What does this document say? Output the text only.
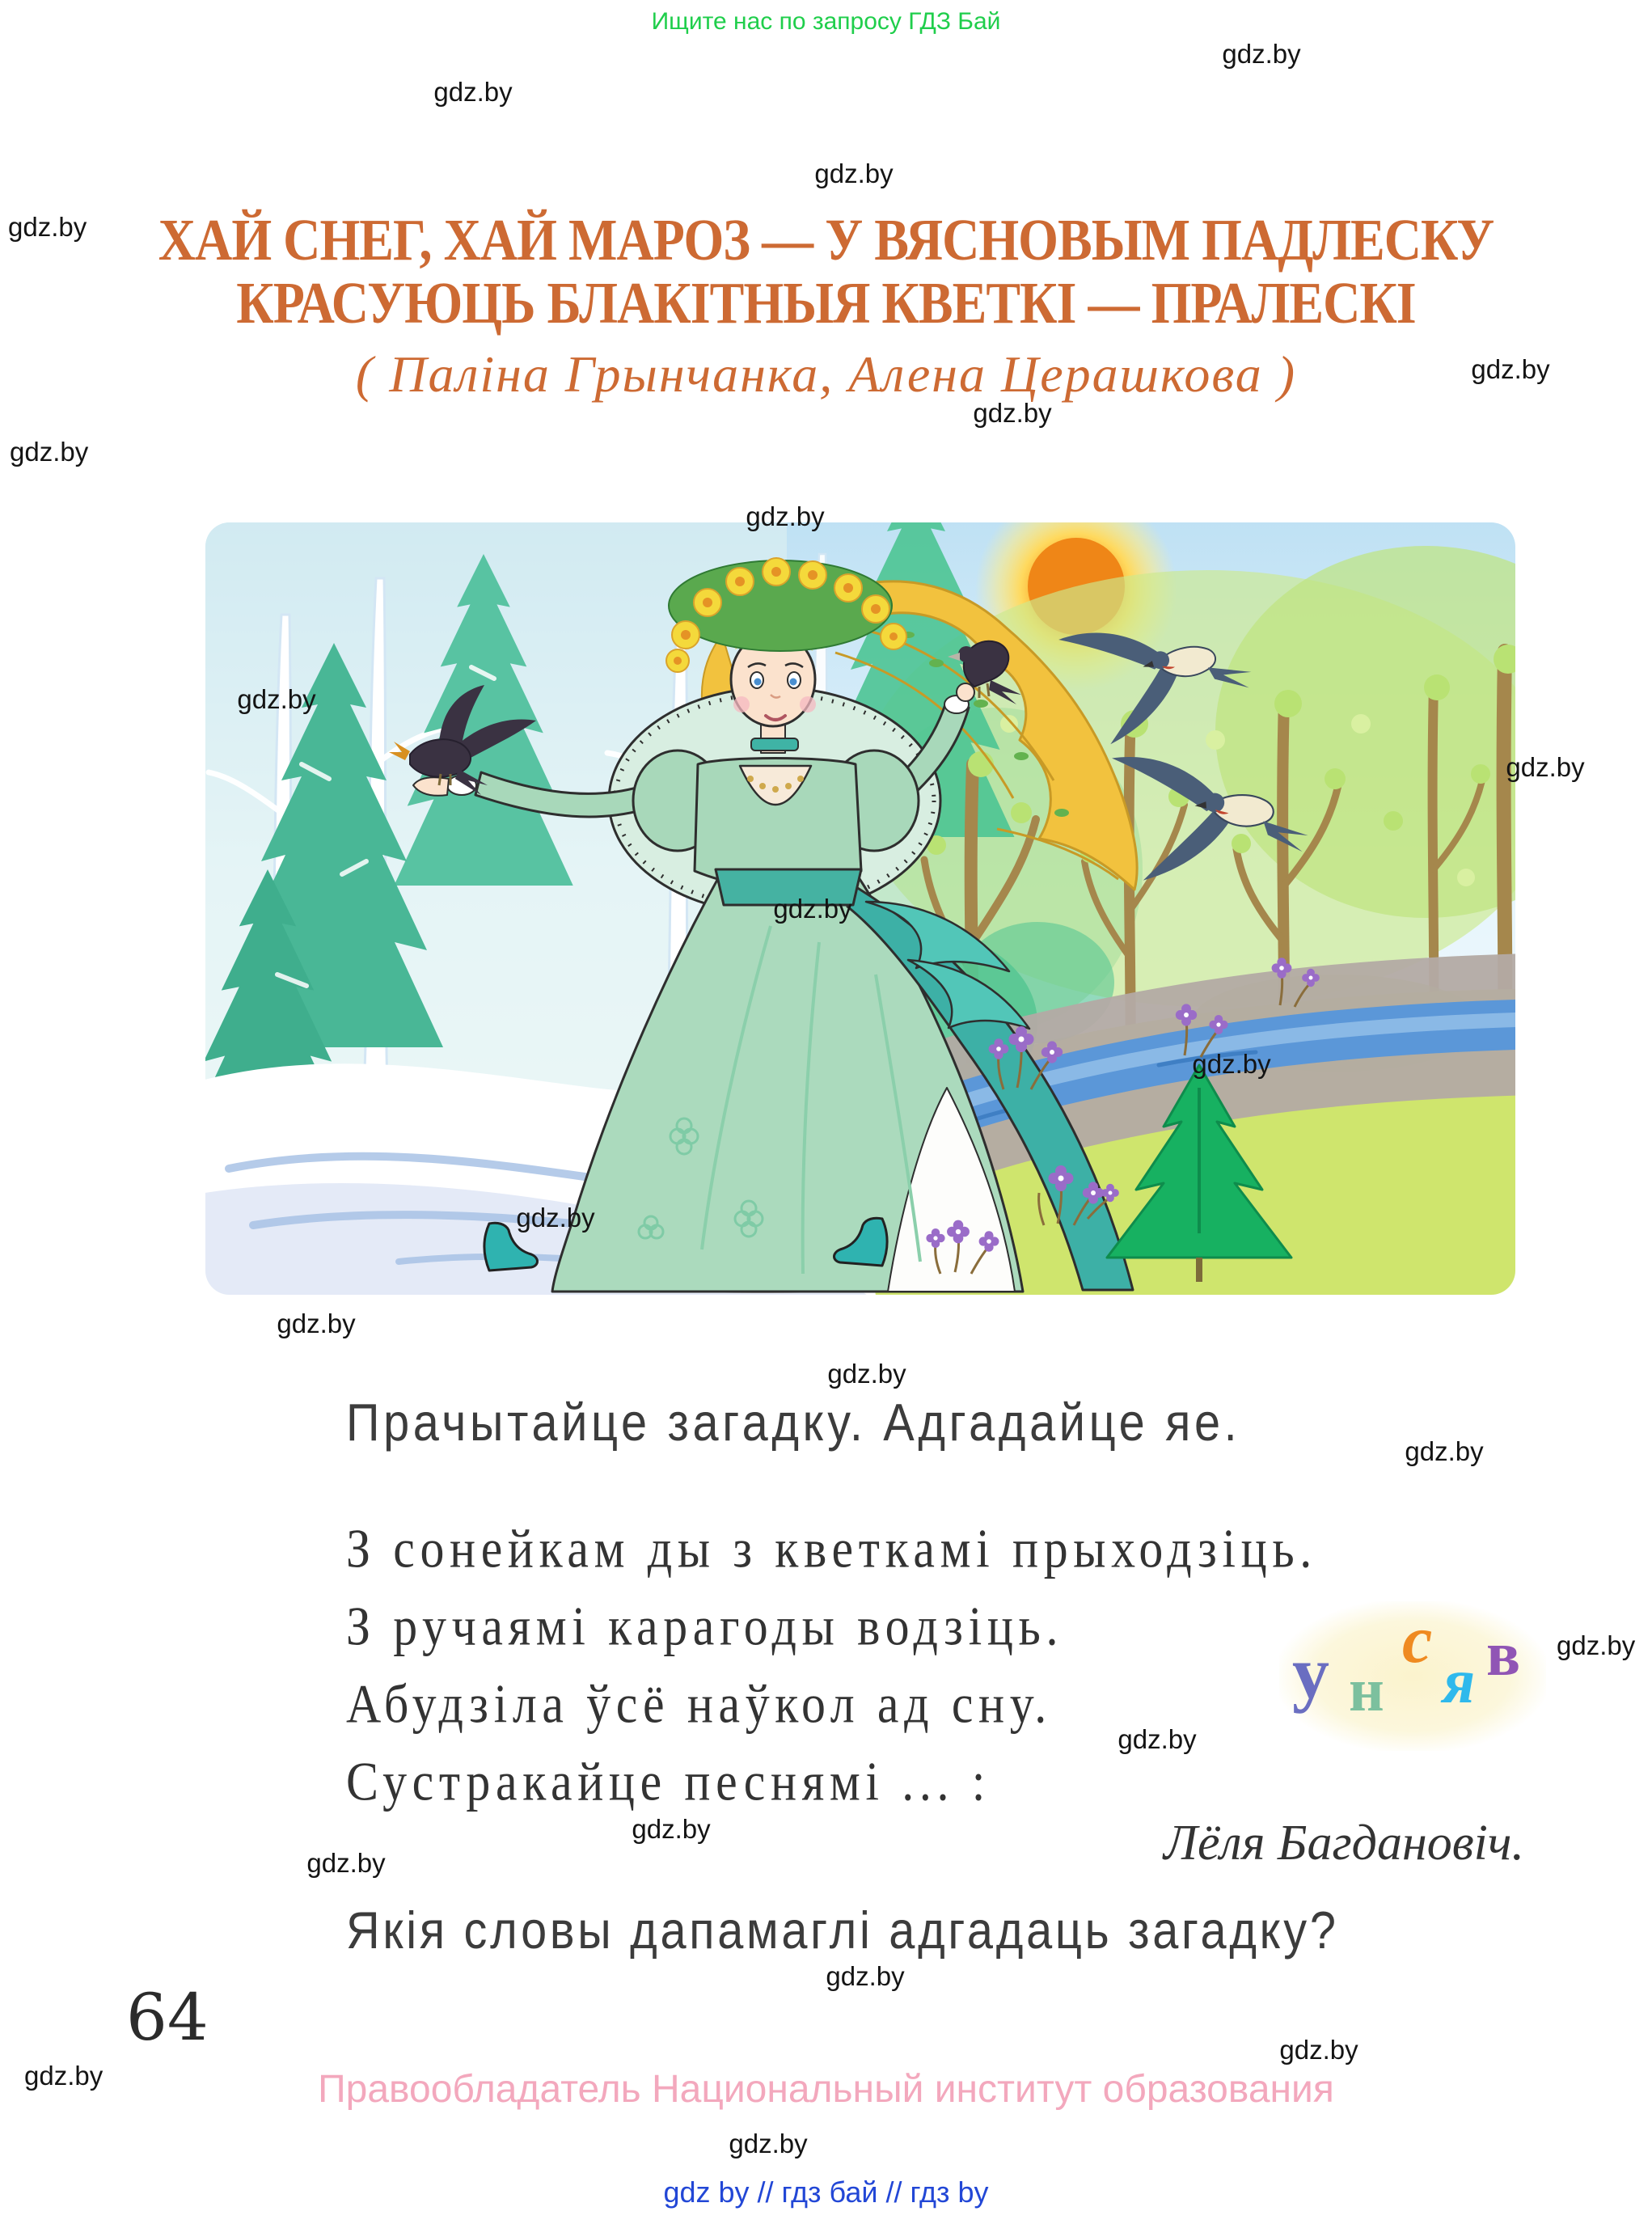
Ищите нас по запросу ГДЗ Бай
ХАЙ СНЕГ, ХАЙ МАРОЗ — У ВЯСНОВЫМ ПАДЛЕСКУ
КРАСУЮЦЬ БЛАКІТНЫЯ КВЕТКІ — ПРАЛЕСКІ
( Паліна Грынчанка, Алена Церашкова )
Прачытайце загадку. Адгадайце яе.
З сонейкам ды з кветкамі прыходзіць.
З ручаямі карагоды водзіць.
Абудзіла ўсё наўкол ад сну.
Сустракайце песнямі ... :
у н
с
я в
Лёля Багдановіч.
Якія словы дапамаглі адгадаць загадку?
64
Правообладатель Национальный институт образования
gdz by // гдз бай // гдз by
gdz.by
gdz.by
gdz.by
gdz.by
gdz.by
gdz.by
gdz.by
gdz.by
gdz.by
gdz.by
gdz.by
gdz.by
gdz.by
gdz.by
gdz.by
gdz.by
gdz.by
gdz.by
gdz.by
gdz.by
gdz.by
gdz.by
gdz.by
gdz.by
